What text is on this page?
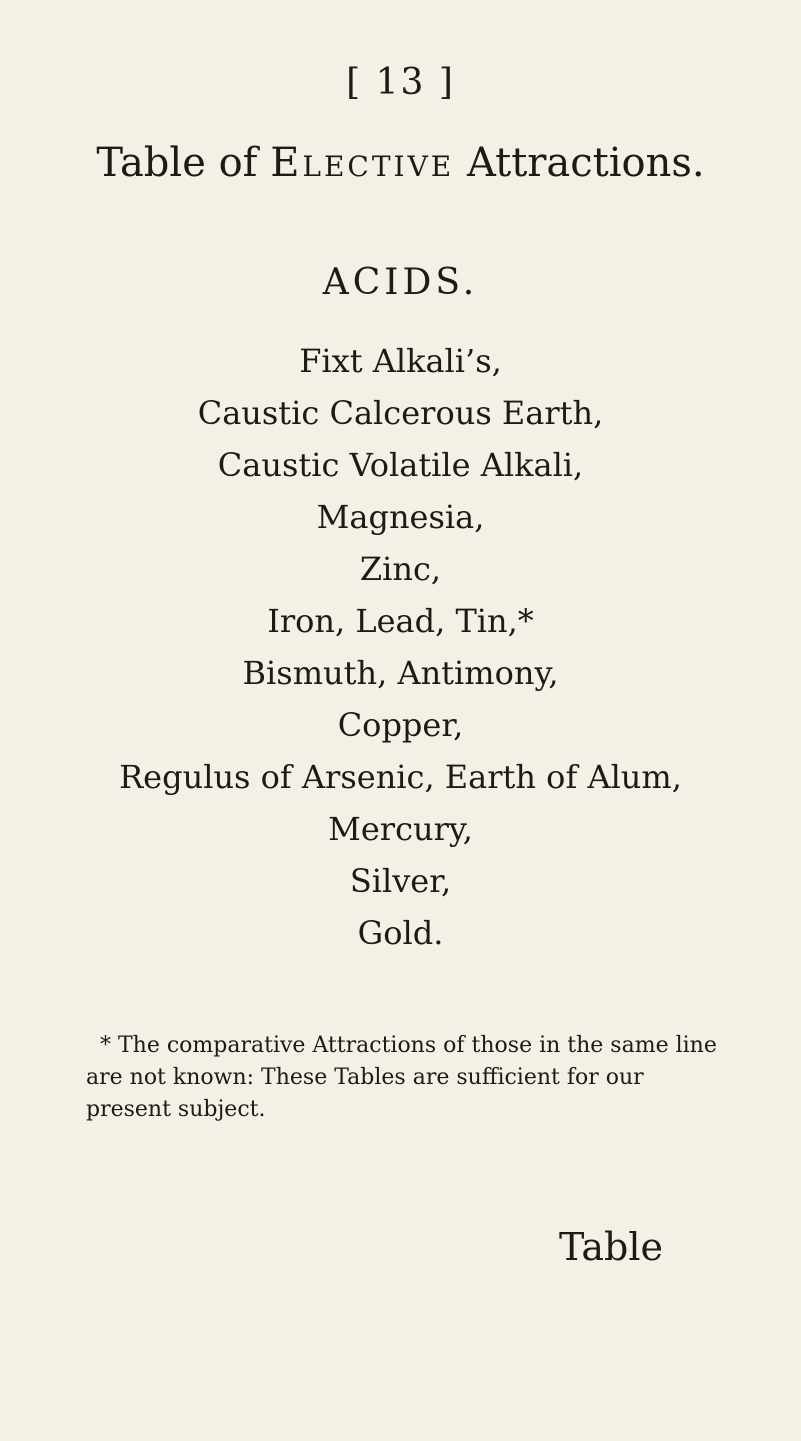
[ 13 ]
Table of Elective Attractions.
ACIDS.
Fixt Alkali’s,
Caustic Calcerous Earth,
Caustic Volatile Alkali,
Magnesia,
Zinc,
Iron, Lead, Tin,*
Bismuth, Antimony,
Copper,
Regulus of Arsenic, Earth of Alum,
Mercury,
Silver,
Gold.
* The comparative Attractions of those in the same line are not known: These Tables are sufficient for our present subject.
Table
